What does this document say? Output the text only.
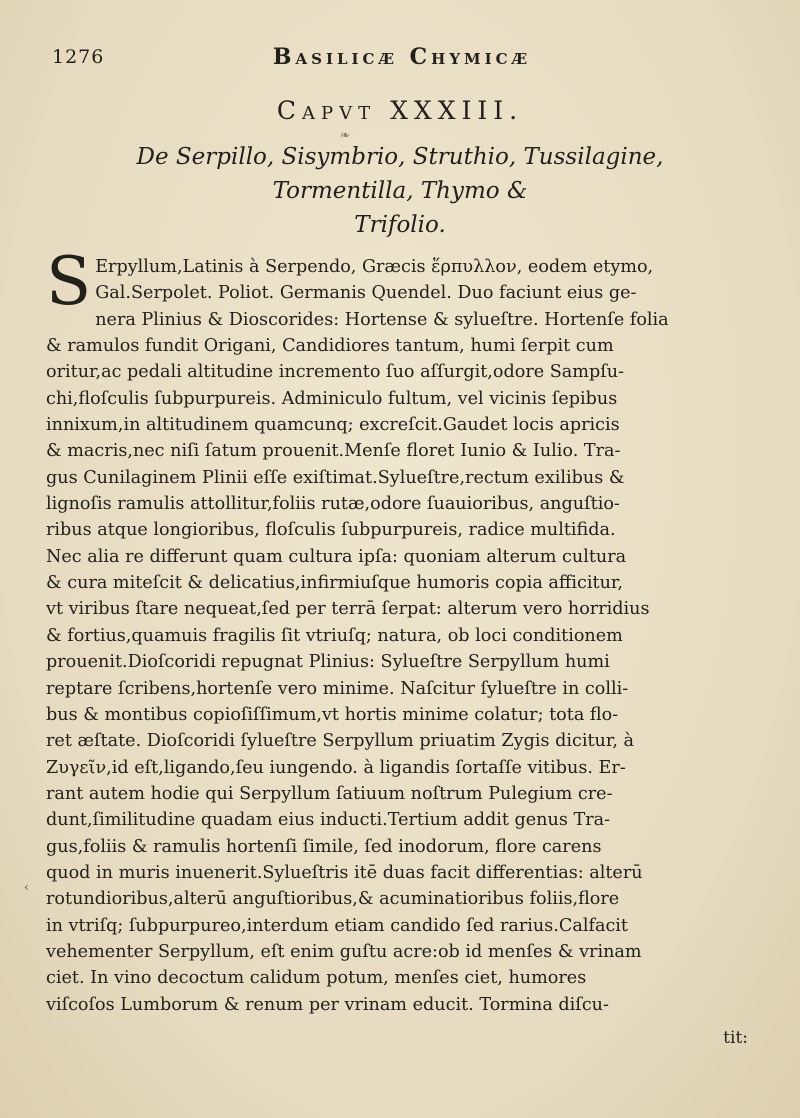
1276	Basilicæ Chymicæ
Capvt XXXIII.
❧
De Serpillo, Sisymbrio, Struthio, Tussilagine,
Tormentilla, Thymo &
Trifolio.
S Erpyllum,Latinis à Serpendo, Græcis ἕρπυλλον, eodem etymo,
Gal.Serpolet. Poliot. Germanis Quendel. Duo faciunt eius ge-
nera Plinius & Dioscorides: Hortense & sylueſtre. Hortenſe folia
& ramulos fundit Origani, Candidiores tantum, humi ſerpit cum
oritur,ac pedali altitudine incremento ſuo aſſurgit,odore Sampſu-
chi,floſculis ſubpurpureis. Adminiculo fultum, vel vicinis ſepibus
innixum,in altitudinem quamcunq; excreſcit.Gaudet locis apricis
& macris,nec niſi ſatum prouenit.Menſe floret Iunio & Iulio. Tra-
gus Cunilaginem Plinii eſſe exiſtimat.Sylueſtre,rectum exilibus &
lignoſis ramulis attollitur,foliis rutæ,odore ſuauioribus, anguſtio-
ribus atque longioribus, floſculis ſubpurpureis, radice multifida.
Nec alia re differunt quam cultura ipſa: quoniam alterum cultura
& cura miteſcit & delicatius,infirmiuſque humoris copia afficitur,
vt viribus ſtare nequeat,ſed per terrā ſerpat: alterum vero horridius
& fortius,quamuis fragilis ſit vtriuſq; natura, ob loci conditionem
prouenit.Dioſcoridi repugnat Plinius: Sylueſtre Serpyllum humi
reptare ſcribens,hortenſe vero minime. Naſcitur ſylueſtre in colli-
bus & montibus copioſiſſimum,vt hortis minime colatur; tota flo-
ret æſtate. Dioſcoridi ſylueſtre Serpyllum priuatim Zygis dicitur, à
Ζυγεῖν,id eſt,ligando,ſeu iungendo. à ligandis ſortaſſe vitibus. Er-
rant autem hodie qui Serpyllum ſatiuum noſtrum Pulegium cre-
dunt,ſimilitudine quadam eius inducti.Tertium addit genus Tra-
gus,foliis & ramulis hortenſi ſimile, ſed inodorum, flore carens
quod in muris inuenerit.Sylueſtris itē duas facit differentias: alterū
rotundioribus,alterū anguſtioribus,& acuminatioribus foliis,flore
in vtriſq; ſubpurpureo,interdum etiam candido ſed rarius.Calfacit
vehementer Serpyllum, eſt enim guſtu acre:ob id menſes & vrinam
ciet. In vino decoctum calidum potum, menſes ciet, humores
viſcoſos Lumborum & renum per vrinam educit. Tormina diſcu-
‹
tit:
